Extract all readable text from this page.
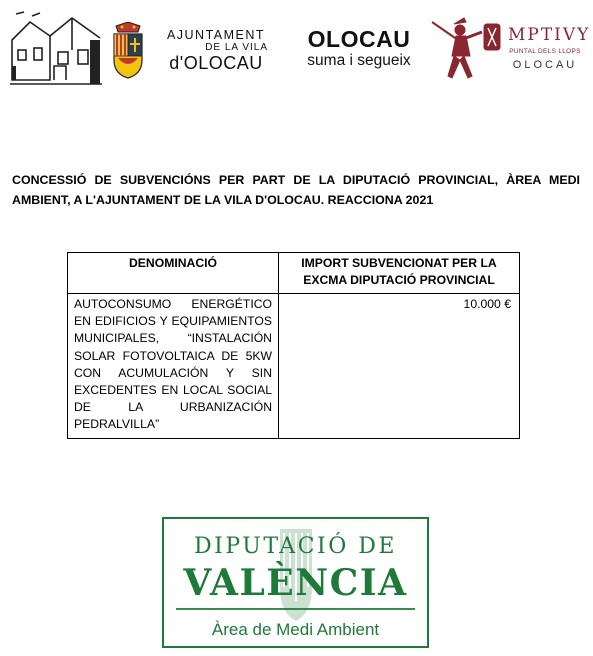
AJUNTAMENT
DE LA VILA
d'OLOCAU
OLOCAU
suma i segueix
ΜΡΤΙVY
PUNTAL DELS LLOPS
OLOCAU

CONCESSIÓ DE SUBVENCIÓNS PER PART DE LA DIPUTACIÓ PROVINCIAL, ÀREA MEDI AMBIENT, A L'AJUNTAMENT DE LA VILA D'OLOCAU. REACCIONA 2021

DENOMINACIÓ	IMPORT SUBVENCIONAT PER LA EXCMA DIPUTACIÓ PROVINCIAL
AUTOCONSUMO ENERGÉTICO EN EDIFICIOS Y EQUIPAMIENTOS MUNICIPALES, “INSTALACIÓN SOLAR FOTOVOLTAICA DE 5KW CON ACUMULACIÓN Y SIN EXCEDENTES EN LOCAL SOCIAL DE LA URBANIZACIÓN PEDRALVILLA”	10.000 €
DIPUTACIÓ DE
VALÈNCIA
Àrea de Medi Ambient
